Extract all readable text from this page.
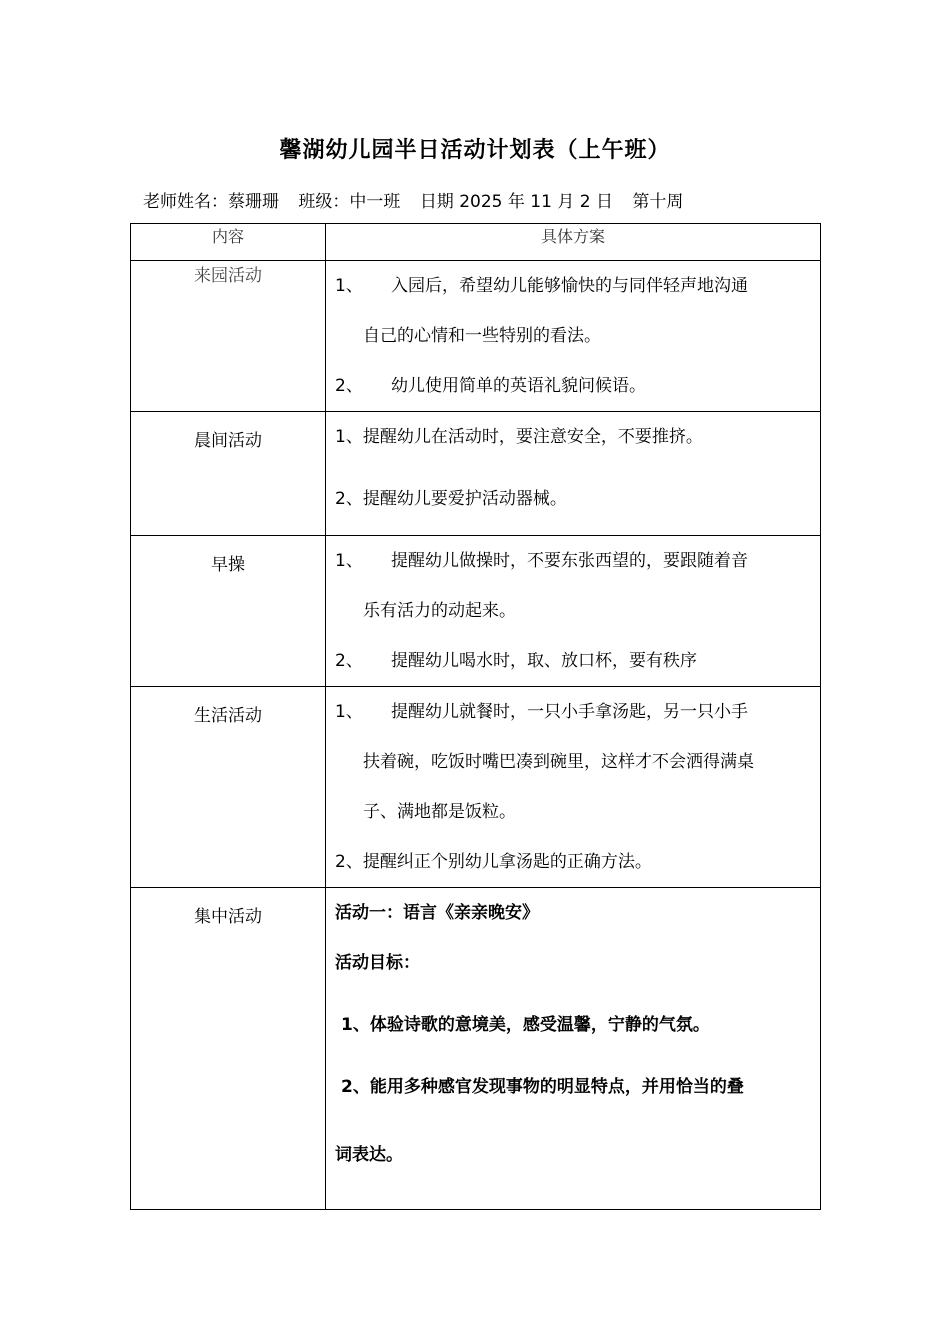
馨湖幼儿园半日活动计划表（上午班）
老师姓名：蔡珊珊 班级：中一班 日期 2025 年 11 月 2 日 第十周
内容	具体方案
来园活动	1、 入园后，希望幼儿能够愉快的与同伴轻声地沟通
自己的心情和一些特别的看法。
2、 幼儿使用简单的英语礼貌问候语。

晨间活动	1、提醒幼儿在活动时，要注意安全，不要推挤。
2、提醒幼儿要爱护活动器械。

早操	1、 提醒幼儿做操时，不要东张西望的，要跟随着音
乐有活力的动起来。
2、 提醒幼儿喝水时，取、放口杯，要有秩序

生活活动	1、 提醒幼儿就餐时，一只小手拿汤匙，另一只小手
扶着碗，吃饭时嘴巴凑到碗里，这样才不会洒得满桌
子、满地都是饭粒。
2、提醒纠正个别幼儿拿汤匙的正确方法。

集中活动	活动一：语言《亲亲晚安》
活动目标：
1、体验诗歌的意境美，感受温馨，宁静的气氛。
2、能用多种感官发现事物的明显特点，并用恰当的叠
词表达。
